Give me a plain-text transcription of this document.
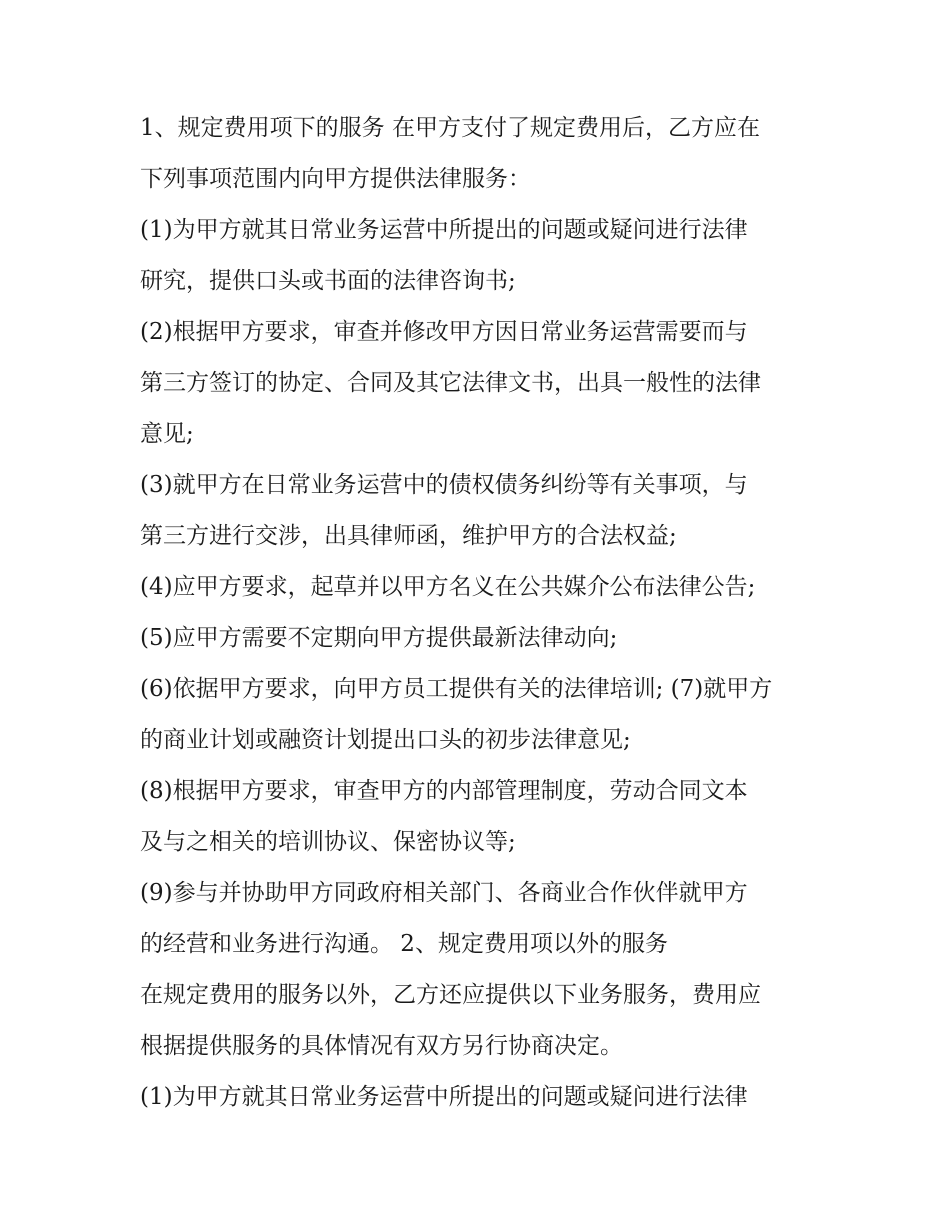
1、规定费用项下的服务 在甲方支付了规定费用后，乙方应在
下列事项范围内向甲方提供法律服务：
(1)为甲方就其日常业务运营中所提出的问题或疑问进行法律
研究，提供口头或书面的法律咨询书;
(2)根据甲方要求，审查并修改甲方因日常业务运营需要而与
第三方签订的协定、合同及其它法律文书，出具一般性的法律
意见;
(3)就甲方在日常业务运营中的债权债务纠纷等有关事项，与
第三方进行交涉，出具律师函，维护甲方的合法权益;
(4)应甲方要求，起草并以甲方名义在公共媒介公布法律公告;
(5)应甲方需要不定期向甲方提供最新法律动向;
(6)依据甲方要求，向甲方员工提供有关的法律培训; (7)就甲方
的商业计划或融资计划提出口头的初步法律意见;
(8)根据甲方要求，审查甲方的内部管理制度，劳动合同文本
及与之相关的培训协议、保密协议等;
(9)参与并协助甲方同政府相关部门、各商业合作伙伴就甲方
的经营和业务进行沟通。 2、规定费用项以外的服务
在规定费用的服务以外，乙方还应提供以下业务服务，费用应
根据提供服务的具体情况有双方另行协商决定。
(1)为甲方就其日常业务运营中所提出的问题或疑问进行法律
